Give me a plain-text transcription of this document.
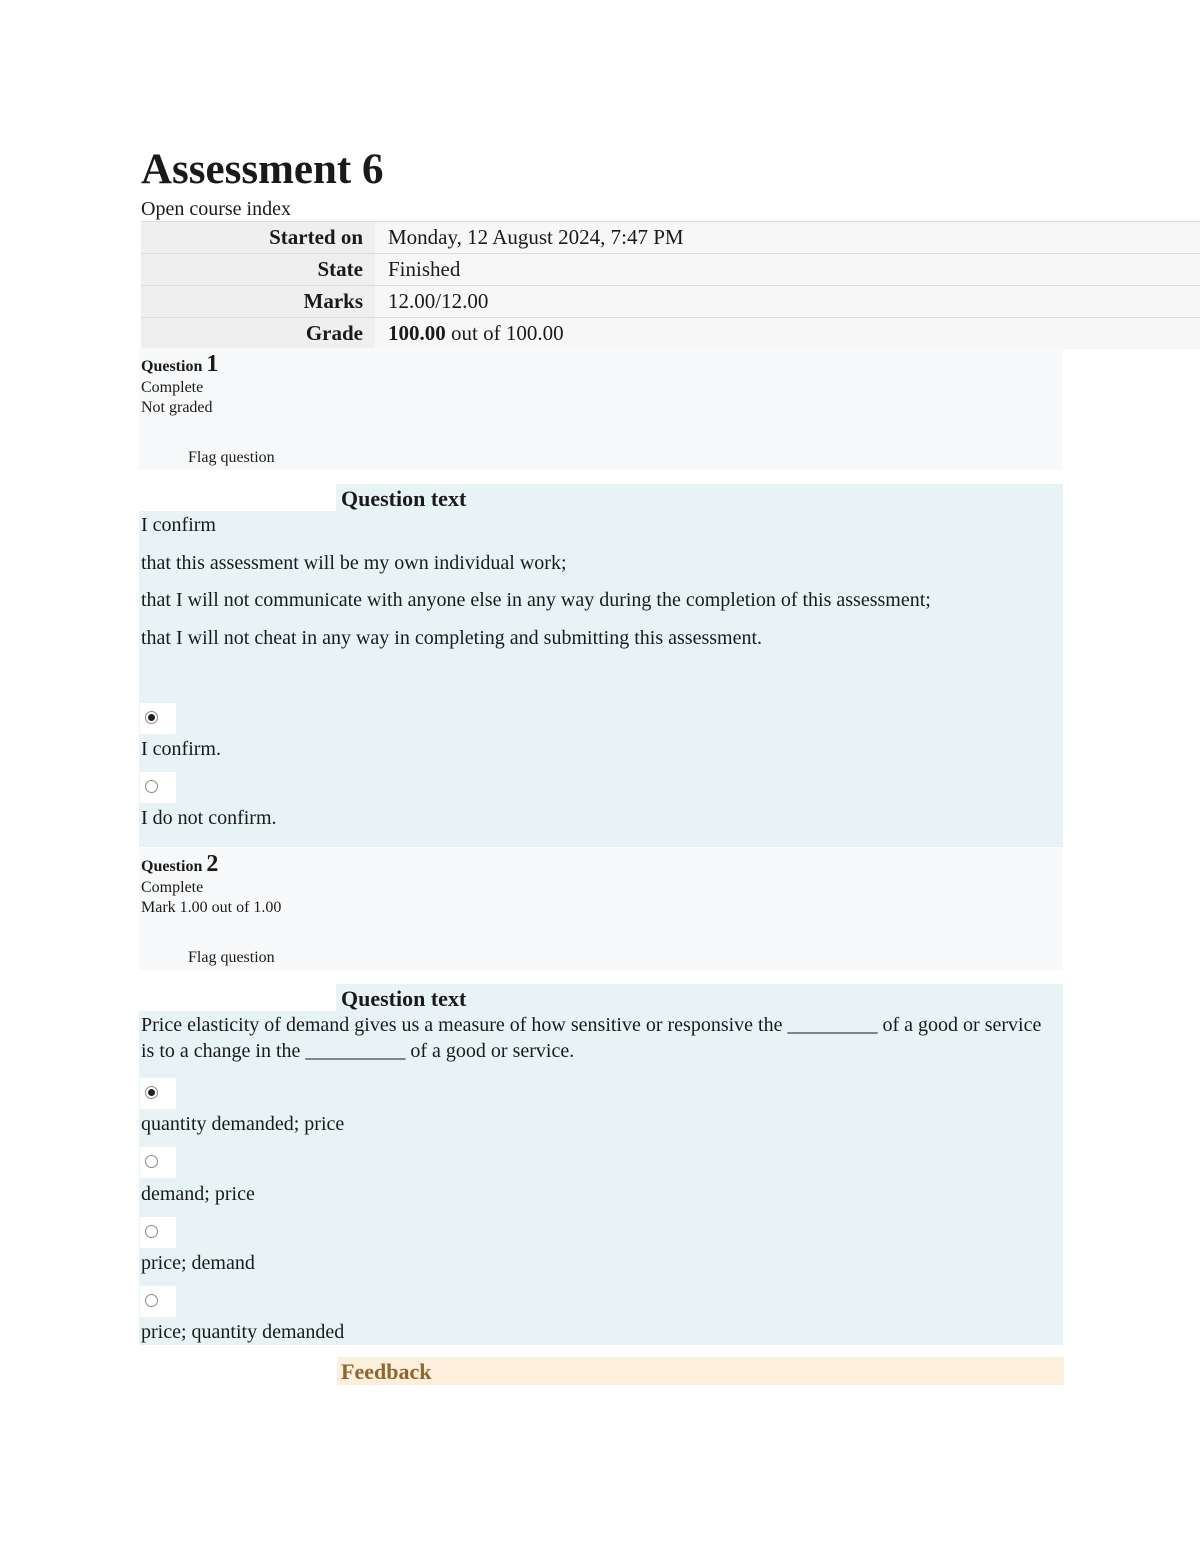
Assessment 6
Open course index
Started on	Monday, 12 August 2024, 7:47 PM
State	Finished
Marks	12.00/12.00
Grade	100.00 out of 100.00
Question 1
Complete
Not graded
Flag question
Question text
I confirm
that this assessment will be my own individual work;
that I will not communicate with anyone else in any way during the completion of this assessment;
that I will not cheat in any way in completing and submitting this assessment.
I confirm.
I do not confirm.
Question 2
Complete
Mark 1.00 out of 1.00
Flag question
Question text
Price elasticity of demand gives us a measure of how sensitive or responsive the _________ of a good or service is to a change in the __________ of a good or service.
quantity demanded; price
demand; price
price; demand
price; quantity demanded
Feedback
